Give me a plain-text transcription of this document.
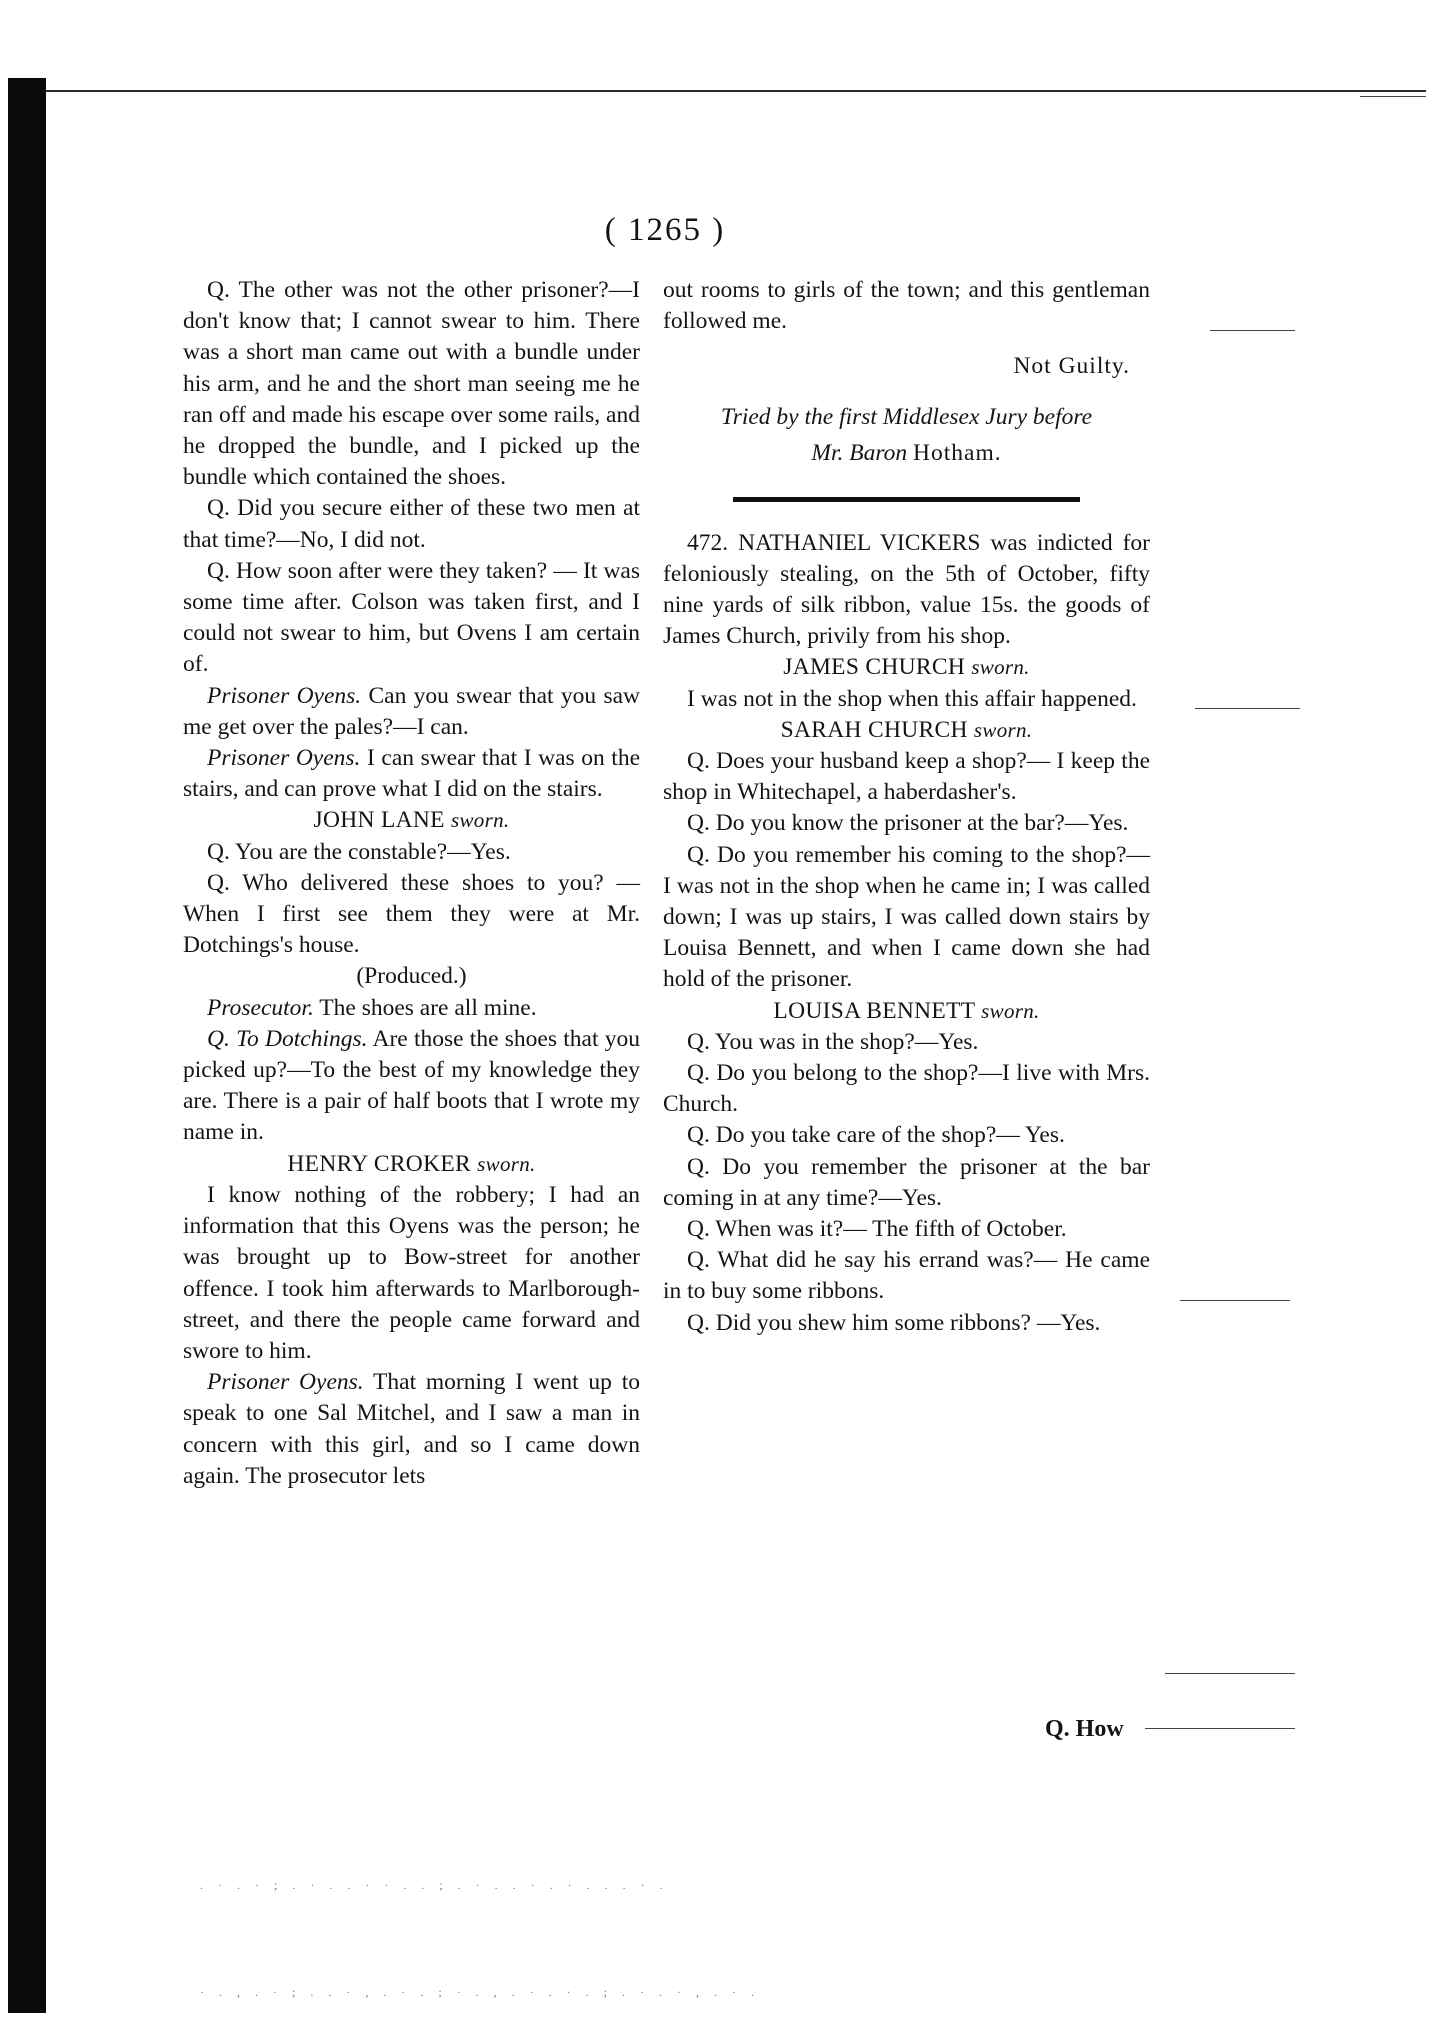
( 1265 )

Q. The other was not the other prisoner?—I don't know that; I cannot swear to him. There was a short man came out with a bundle under his arm, and he and the short man seeing me he ran off and made his escape over some rails, and he dropped the bundle, and I picked up the bundle which contained the shoes.

Q. Did you secure either of these two men at that time?—No, I did not.

Q. How soon after were they taken? — It was some time after. Colson was taken first, and I could not swear to him, but Ovens I am certain of.

Prisoner Oyens. Can you swear that you saw me get over the pales?—I can.

Prisoner Oyens. I can swear that I was on the stairs, and can prove what I did on the stairs.

JOHN LANE sworn.

Q. You are the constable?—Yes.

Q. Who delivered these shoes to you? —When I first see them they were at Mr. Dotchings's house.

(Produced.)

Prosecutor. The shoes are all mine.

Q. To Dotchings. Are those the shoes that you picked up?—To the best of my knowledge they are. There is a pair of half boots that I wrote my name in.

HENRY CROKER sworn.

I know nothing of the robbery; I had an information that this Oyens was the person; he was brought up to Bow-street for another offence. I took him afterwards to Marlborough-street, and there the people came forward and swore to him.

Prisoner Oyens. That morning I went up to speak to one Sal Mitchel, and I saw a man in concern with this girl, and so I came down again. The prosecutor lets

out rooms to girls of the town; and this gentleman followed me.

Not Guilty.

Tried by the first Middlesex Jury before
Mr. Baron Hotham.

472. NATHANIEL VICKERS was indicted for feloniously stealing, on the 5th of October, fifty nine yards of silk ribbon, value 15s. the goods of James Church, privily from his shop.

JAMES CHURCH sworn.

I was not in the shop when this affair happened.

SARAH CHURCH sworn.

Q. Does your husband keep a shop?— I keep the shop in Whitechapel, a haberdasher's.

Q. Do you know the prisoner at the bar?—Yes.

Q. Do you remember his coming to the shop?— I was not in the shop when he came in; I was called down; I was up stairs, I was called down stairs by Louisa Bennett, and when I came down she had hold of the prisoner.

LOUISA BENNETT sworn.

Q. You was in the shop?—Yes.

Q. Do you belong to the shop?—I live with Mrs. Church.

Q. Do you take care of the shop?— Yes.

Q. Do you remember the prisoner at the bar coming in at any time?—Yes.

Q. When was it?— The fifth of October.

Q. What did he say his errand was?— He came in to buy some ribbons.

Q. Did you shew him some ribbons? —Yes.

Q. How
. · . · ; . · . . · · . . ; . · . . · . · . . . · .
· . , . · ; . . · , . · . ; · . , . · . · . ; . · . · , . · .
